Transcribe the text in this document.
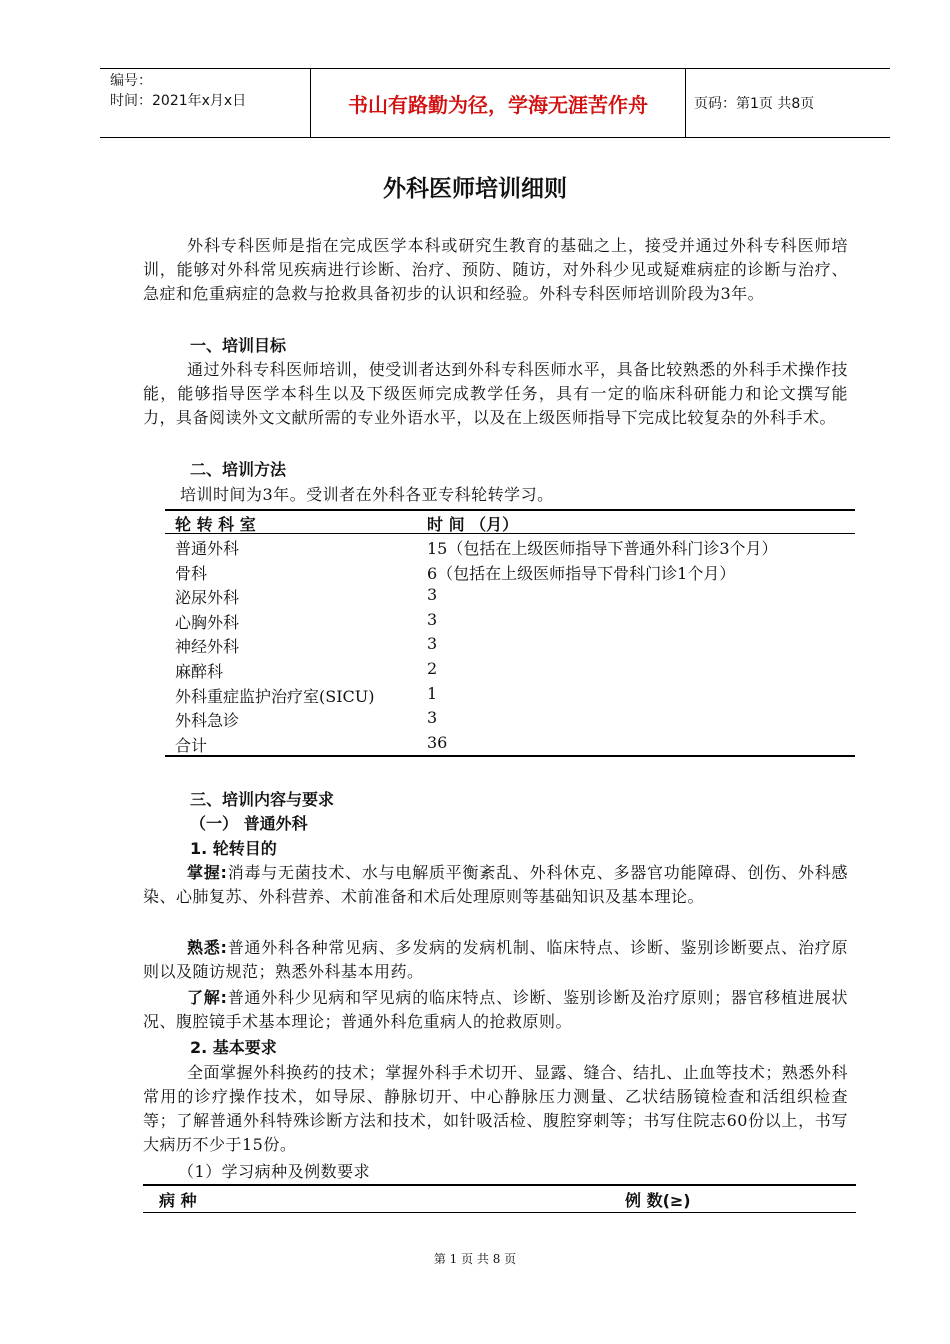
编号：
时间：2021年x月x日	书山有路勤为径，学海无涯苦作舟	页码：第1页 共8页
外科医师培训细则
外科专科医师是指在完成医学本科或研究生教育的基础之上，接受并通过外科专科医师培训，能够对外科常见疾病进行诊断、治疗、预防、随访，对外科少见或疑难病症的诊断与治疗、急症和危重病症的急救与抢救具备初步的认识和经验。外科专科医师培训阶段为3年。
一、培训目标
通过外科专科医师培训，使受训者达到外科专科医师水平，具备比较熟悉的外科手术操作技能，能够指导医学本科生以及下级医师完成教学任务，具有一定的临床科研能力和论文撰写能力，具备阅读外文文献所需的专业外语水平，以及在上级医师指导下完成比较复杂的外科手术。
二、培训方法
培训时间为3年。受训者在外科各亚专科轮转学习。
轮 转 科 室	时 间 （月）
普通外科	15（包括在上级医师指导下普通外科门诊3个月）
骨科	6（包括在上级医师指导下骨科门诊1个月）
泌尿外科	3
心胸外科	3
神经外科	3
麻醉科	2
外科重症监护治疗室(SICU)	1
外科急诊	3
合计	36
三、培训内容与要求
（一） 普通外科
1. 轮转目的
掌握:消毒与无菌技术、水与电解质平衡紊乱、外科休克、多器官功能障碍、创伤、外科感染、心肺复苏、外科营养、术前准备和术后处理原则等基础知识及基本理论。
熟悉:普通外科各种常见病、多发病的发病机制、临床特点、诊断、鉴别诊断要点、治疗原则以及随访规范；熟悉外科基本用药。
了解:普通外科少见病和罕见病的临床特点、诊断、鉴别诊断及治疗原则；器官移植进展状况、腹腔镜手术基本理论；普通外科危重病人的抢救原则。
2. 基本要求
全面掌握外科换药的技术；掌握外科手术切开、显露、缝合、结扎、止血等技术；熟悉外科常用的诊疗操作技术，如导尿、静脉切开、中心静脉压力测量、乙状结肠镜检查和活组织检查等；了解普通外科特殊诊断方法和技术，如针吸活检、腹腔穿刺等；书写住院志60份以上，书写大病历不少于15份。
（1）学习病种及例数要求
病 种	例 数(≥)
第 1 页 共 8 页
